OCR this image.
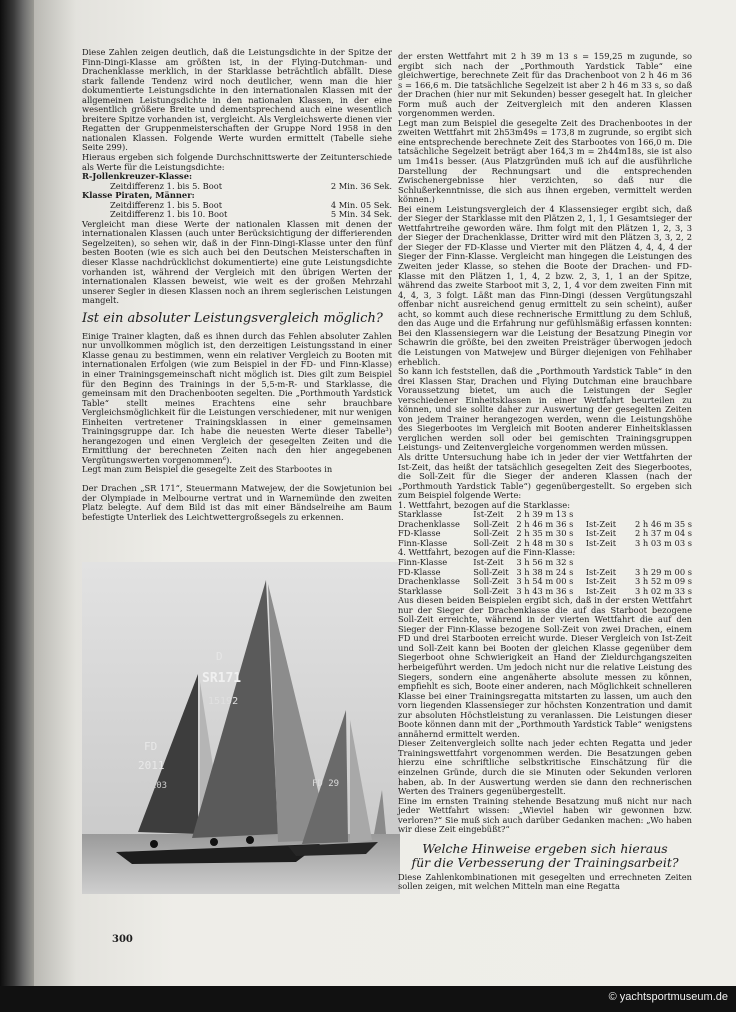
Diese Zahlen zeigen deutlich, daß die Leistungsdichte in der Spitze der Finn-Dingi-Klasse am größten ist, in der Flying-Dutchman- und Drachenklasse merklich, in der Starklasse beträchtlich abfällt. Diese stark fallende Tendenz wird noch deutlicher, wenn man die hier dokumentierte Leistungsdichte in den internationalen Klassen mit der allgemeinen Leistungsdichte in den nationalen Klassen, in der eine wesentlich größere Breite und dementsprechend auch eine wesentlich breitere Spitze vorhanden ist, vergleicht. Als Vergleichswerte dienen vier Regatten der Gruppenmeisterschaften der Gruppe Nord 1958 in den nationalen Klassen. Folgende Werte wurden ermittelt (Tabelle siehe Seite 299).

Hieraus ergeben sich folgende Durchschnittswerte der Zeitunterschiede als Werte für die Leistungsdichte:

R-Jollenkreuzer-Klasse:

Zeitdifferenz 1. bis 5. Boot	2 Min. 36 Sek.

Klasse Piraten, Männer:

Zeitdifferenz 1. bis 5. Boot	4 Min. 05 Sek.
Zeitdifferenz 1. bis 10. Boot	5 Min. 34 Sek.

Vergleicht man diese Werte der nationalen Klassen mit denen der internationalen Klassen (auch unter Berücksichtigung der differierenden Segelzeiten), so sehen wir, daß in der Finn-Dingi-Klasse unter den fünf besten Booten (wie es sich auch bei den Deutschen Meisterschaften in dieser Klasse nachdrücklichst dokumentierte) eine gute Leistungsdichte vorhanden ist, während der Vergleich mit den übrigen Werten der internationalen Klassen beweist, wie weit es der großen Mehrzahl unserer Segler in diesen Klassen noch an ihrem seglerischen Leistungen mangelt.

Ist ein absoluter Leistungsvergleich möglich?

Einige Trainer klagten, daß es ihnen durch das Fehlen absoluter Zahlen nur unvollkommen möglich ist, den derzeitigen Leistungsstand in einer Klasse genau zu bestimmen, wenn ein relativer Vergleich zu Booten mit internationalen Erfolgen (wie zum Beispiel in der FD- und Finn-Klasse) in einer Trainingsgemeinschaft nicht möglich ist. Dies gilt zum Beispiel für den Beginn des Trainings in der 5,5-m-R- und Starklasse, die gemeinsam mit den Drachenbooten segelten. Die „Porthmouth Yardstick Table“ stellt meines Erachtens eine sehr brauchbare Vergleichsmöglichkeit für die Leistungen verschiedener, mit nur wenigen Einheiten vertretener Trainingsklassen in einer gemeinsamen Trainingsgruppe dar. Ich habe die neuesten Werte dieser Tabelle³) herangezogen und einen Vergleich der gesegelten Zeiten und die Ermittlung der berechneten Zeiten nach den hier angegebenen Vergütungswerten vorgenommen⁶).

Legt man zum Beispiel die gesegelte Zeit des Starbootes in

Der Drachen „SR 171“, Steuermann Matwejew, der die Sowjetunion bei der Olympiade in Melbourne vertrat und in Warnemünde den zweiten Platz belegte. Auf dem Bild ist das mit einer Bändselreihe am Baum befestigte Unterliek des Leichtwettergroßsegels zu erkennen.

FD
2011
19103
D
SR171
15192
FD 29
300

der ersten Wettfahrt mit 2 h 39 m 13 s = 159,25 m zugunde, so ergibt sich nach der „Porthmouth Yardstick Table“ eine gleichwertige, berechnete Zeit für das Drachenboot von 2 h 46 m 36 s = 166,6 m. Die tatsächliche Segelzeit ist aber 2 h 46 m 33 s, so daß der Drachen (hier nur mit Sekunden) besser gesegelt hat. In gleicher Form muß auch der Zeitvergleich mit den anderen Klassen vorgenommen werden.

Legt man zum Beispiel die gesegelte Zeit des Drachenbootes in der zweiten Wettfahrt mit 2h53m49s = 173,8 m zugrunde, so ergibt sich eine entsprechende berechnete Zeit des Starbootes von 166,0 m. Die tatsächliche Segelzeit beträgt aber 164,3 m = 2h44m18s, sie ist also um 1m41s besser. (Aus Platzgründen muß ich auf die ausführliche Darstellung der Rechnungsart und die entsprechenden Zwischenergebnisse hier verzichten, so daß nur die Schlußerkenntnisse, die sich aus ihnen ergeben, vermittelt werden können.)

Bei einem Leistungsvergleich der 4 Klassensieger ergibt sich, daß der Sieger der Starklasse mit den Plätzen 2, 1, 1, 1 Gesamtsieger der Wettfahrtreihe geworden wäre. Ihm folgt mit den Plätzen 1, 2, 3, 3 der Sieger der Drachenklasse, Dritter wird mit den Plätzen 3, 3, 2, 2 der Sieger der FD-Klasse und Vierter mit den Plätzen 4, 4, 4, 4 der Sieger der Finn-Klasse. Vergleicht man hingegen die Leistungen des Zweiten jeder Klasse, so stehen die Boote der Drachen- und FD-Klasse mit den Plätzen 1, 1, 4, 2 bzw. 2, 3, 1, 1 an der Spitze, während das zweite Starboot mit 3, 2, 1, 4 vor dem zweiten Finn mit 4, 4, 3, 3 folgt. Läßt man das Finn-Dingi (dessen Vergütungszahl offenbar nicht ausreichend genug ermittelt zu sein scheint), außer acht, so kommt auch diese rechnerische Ermittlung zu dem Schluß, den das Auge und die Erfahrung nur gefühlsmäßig erfassen konnten: Bei den Klassensiegern war die Leistung der Besatzung Pinegin vor Schawrin die größte, bei den zweiten Preisträger überwogen jedoch die Leistungen von Matwejew und Bürger diejenigen von Fehlhaber erheblich.

So kann ich feststellen, daß die „Porthmouth Yardstick Table“ in den drei Klassen Star, Drachen und Flying Dutchman eine brauchbare Voraussetzung bietet, um auch die Leistungen der Segler verschiedener Einheitsklassen in einer Wettfahrt beurteilen zu können, und sie sollte daher zur Auswertung der gesegelten Zeiten von jedem Trainer herangezogen werden, wenn die Leistungshöhe des Siegerbootes im Vergleich mit Booten anderer Einheitsklassen verglichen werden soll oder bei gemischten Trainingsgruppen Leistungs- und Zeitenvergleiche vorgenommen werden müssen.

Als dritte Untersuchung habe ich in jeder der vier Wettfahrten der Ist-Zeit, das heißt der tatsächlich gesegelten Zeit des Siegerbootes, die Soll-Zeit für die Sieger der anderen Klassen (nach der „Porthmouth Yardstick Table“) gegenübergestellt. So ergeben sich zum Beispiel folgende Werte:

1. Wettfahrt, bezogen auf die Starklasse:

Starklasse	Ist-Zeit	2 h 39 m 13 s		
Drachenklasse	Soll-Zeit	2 h 46 m 36 s	Ist-Zeit	2 h 46 m 35 s
FD-Klasse	Soll-Zeit	2 h 35 m 30 s	Ist-Zeit	2 h 37 m 04 s
Finn-Klasse	Soll-Zeit	2 h 48 m 30 s	Ist-Zeit	3 h 03 m 03 s

4. Wettfahrt, bezogen auf die Finn-Klasse:

Finn-Klasse	Ist-Zeit	3 h 56 m 32 s		
FD-Klasse	Soll-Zeit	3 h 38 m 24 s	Ist-Zeit	3 h 29 m 00 s
Drachenklasse	Soll-Zeit	3 h 54 m 00 s	Ist-Zeit	3 h 52 m 09 s
Starklasse	Soll-Zeit	3 h 43 m 36 s	Ist-Zeit	3 h 02 m 33 s

Aus diesen beiden Beispielen ergibt sich, daß in der ersten Wettfahrt nur der Sieger der Drachenklasse die auf das Starboot bezogene Soll-Zeit erreichte, während in der vierten Wettfahrt die auf den Sieger der Finn-Klasse bezogene Soll-Zeit von zwei Drachen, einem FD und drei Starbooten erreicht wurde. Dieser Vergleich von Ist-Zeit und Soll-Zeit kann bei Booten der gleichen Klasse gegenüber dem Siegerboot ohne Schwierigkeit an Hand der Zieldurchgangszeiten herbeigeführt werden. Um jedoch nicht nur die relative Leistung des Siegers, sondern eine angenäherte absolute messen zu können, empfiehlt es sich, Boote einer anderen, nach Möglichkeit schnelleren Klasse bei einer Trainingsregatta mitstarten zu lassen, um auch den vorn liegenden Klassensieger zur höchsten Konzentration und damit zur absoluten Höchstleistung zu veranlassen. Die Leistungen dieser Boote können dann mit der „Porthmouth Yardstick Table“ wenigstens annähernd ermittelt werden.

Dieser Zeitenvergleich sollte nach jeder echten Regatta und jeder Trainingswettfahrt vorgenommen werden. Die Besatzungen geben hierzu eine schriftliche selbstkritische Einschätzung für die einzelnen Gründe, durch die sie Minuten oder Sekunden verloren haben, ab. In der Auswertung werden sie dann den rechnerischen Werten des Trainers gegenübergestellt.

Eine im ernsten Training stehende Besatzung muß nicht nur nach jeder Wettfahrt wissen: „Wieviel haben wir gewonnen bzw. verloren?“ Sie muß sich auch darüber Gedanken machen: „Wo haben wir diese Zeit eingebüßt?“

Welche Hinweise ergeben sich hieraus
für die Verbesserung der Trainingsarbeit?

Diese Zahlenkombinationen mit gesegelten und errechneten Zeiten sollen zeigen, mit welchen Mitteln man eine Regatta

© yachtsportmuseum.de
